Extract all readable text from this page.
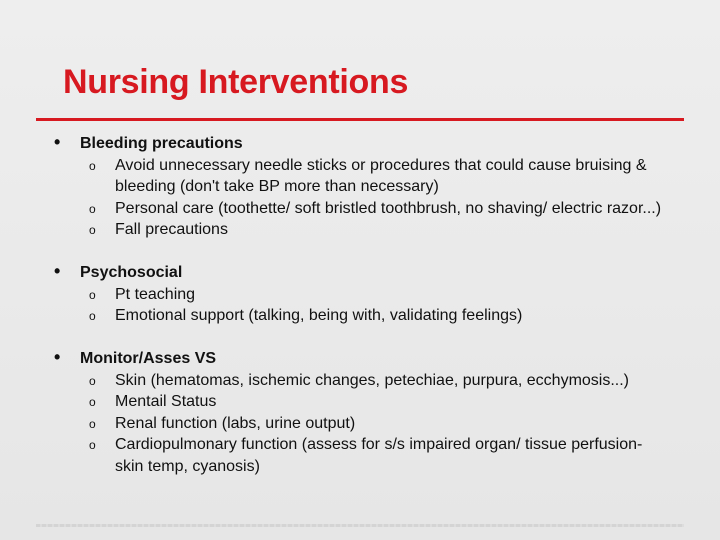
Nursing Interventions
• Bleeding precautions
o Avoid unnecessary needle sticks or procedures that could cause bruising & bleeding (don't take BP more than necessary)
o Personal care (toothette/ soft bristled toothbrush, no shaving/ electric razor...)
o Fall precautions
• Psychosocial
o Pt teaching
o Emotional support (talking, being with, validating feelings)
• Monitor/Asses VS
o Skin (hematomas, ischemic changes, petechiae, purpura, ecchymosis...)
o Mentail Status
o Renal function (labs, urine output)
o Cardiopulmonary function (assess for s/s impaired organ/ tissue perfusion- skin temp, cyanosis)
